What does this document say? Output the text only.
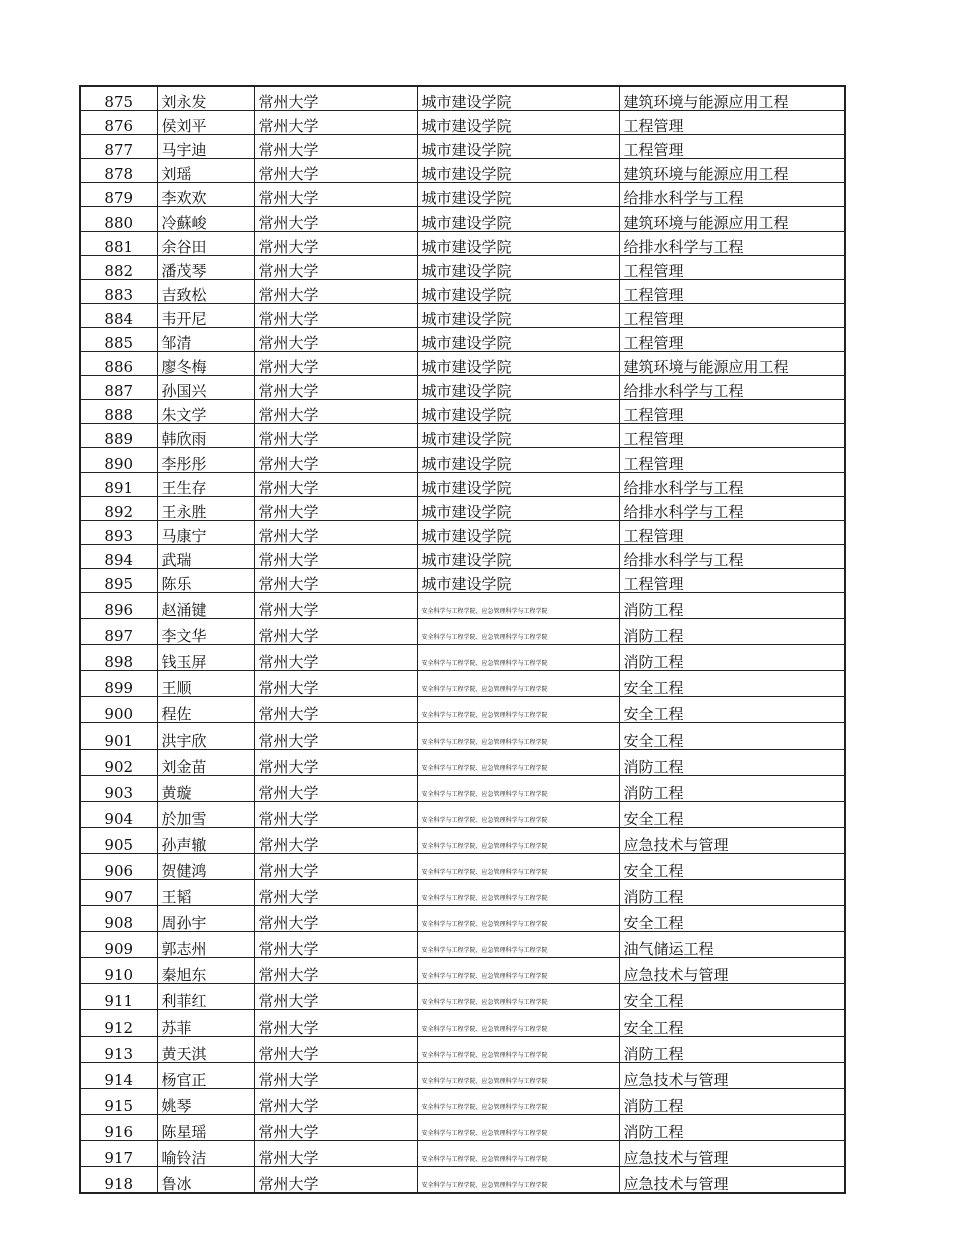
875	刘永发	常州大学	城市建设学院	建筑环境与能源应用工程
876	侯刘平	常州大学	城市建设学院	工程管理
877	马宇迪	常州大学	城市建设学院	工程管理
878	刘瑶	常州大学	城市建设学院	建筑环境与能源应用工程
879	李欢欢	常州大学	城市建设学院	给排水科学与工程
880	冷蘇峻	常州大学	城市建设学院	建筑环境与能源应用工程
881	余谷田	常州大学	城市建设学院	给排水科学与工程
882	潘茂琴	常州大学	城市建设学院	工程管理
883	吉致松	常州大学	城市建设学院	工程管理
884	韦开尼	常州大学	城市建设学院	工程管理
885	邹清	常州大学	城市建设学院	工程管理
886	廖冬梅	常州大学	城市建设学院	建筑环境与能源应用工程
887	孙国兴	常州大学	城市建设学院	给排水科学与工程
888	朱文学	常州大学	城市建设学院	工程管理
889	韩欣雨	常州大学	城市建设学院	工程管理
890	李彤彤	常州大学	城市建设学院	工程管理
891	王生存	常州大学	城市建设学院	给排水科学与工程
892	王永胜	常州大学	城市建设学院	给排水科学与工程
893	马康宁	常州大学	城市建设学院	工程管理
894	武瑞	常州大学	城市建设学院	给排水科学与工程
895	陈乐	常州大学	城市建设学院	工程管理
896	赵涌键	常州大学	安全科学与工程学院、应急管理科学与工程学院	消防工程
897	李文华	常州大学	安全科学与工程学院、应急管理科学与工程学院	消防工程
898	钱玉屏	常州大学	安全科学与工程学院、应急管理科学与工程学院	消防工程
899	王顺	常州大学	安全科学与工程学院、应急管理科学与工程学院	安全工程
900	程佐	常州大学	安全科学与工程学院、应急管理科学与工程学院	安全工程
901	洪宇欣	常州大学	安全科学与工程学院、应急管理科学与工程学院	安全工程
902	刘金苗	常州大学	安全科学与工程学院、应急管理科学与工程学院	消防工程
903	黄璇	常州大学	安全科学与工程学院、应急管理科学与工程学院	消防工程
904	於加雪	常州大学	安全科学与工程学院、应急管理科学与工程学院	安全工程
905	孙声辙	常州大学	安全科学与工程学院、应急管理科学与工程学院	应急技术与管理
906	贺健鸿	常州大学	安全科学与工程学院、应急管理科学与工程学院	安全工程
907	王韬	常州大学	安全科学与工程学院、应急管理科学与工程学院	消防工程
908	周孙宇	常州大学	安全科学与工程学院、应急管理科学与工程学院	安全工程
909	郭志州	常州大学	安全科学与工程学院、应急管理科学与工程学院	油气储运工程
910	秦旭东	常州大学	安全科学与工程学院、应急管理科学与工程学院	应急技术与管理
911	利菲红	常州大学	安全科学与工程学院、应急管理科学与工程学院	安全工程
912	苏菲	常州大学	安全科学与工程学院、应急管理科学与工程学院	安全工程
913	黄天淇	常州大学	安全科学与工程学院、应急管理科学与工程学院	消防工程
914	杨官正	常州大学	安全科学与工程学院、应急管理科学与工程学院	应急技术与管理
915	姚琴	常州大学	安全科学与工程学院、应急管理科学与工程学院	消防工程
916	陈星瑶	常州大学	安全科学与工程学院、应急管理科学与工程学院	消防工程
917	喻铃洁	常州大学	安全科学与工程学院、应急管理科学与工程学院	应急技术与管理
918	鲁冰	常州大学	安全科学与工程学院、应急管理科学与工程学院	应急技术与管理
